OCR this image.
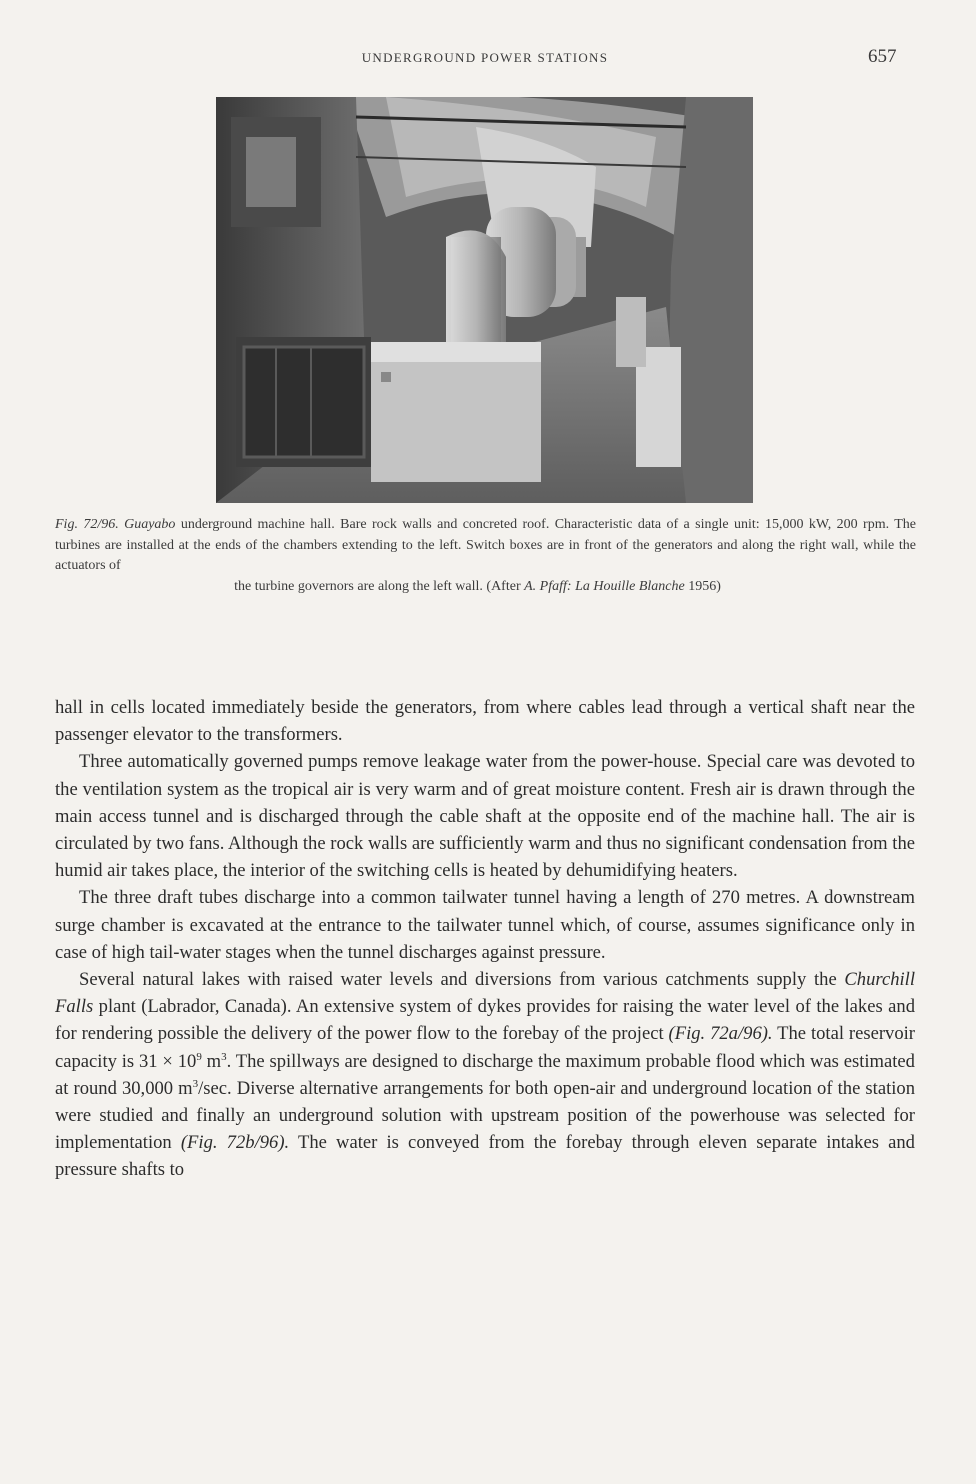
UNDERGROUND POWER STATIONS	657
Fig. 72/96. Guayabo underground machine hall. Bare rock walls and concreted roof. Characteristic data of a single unit: 15,000 kW, 200 rpm. The turbines are installed at the ends of the chambers extending to the left. Switch boxes are in front of the generators and along the right wall, while the actuators of
the turbine governors are along the left wall. (After A. Pfaff: La Houille Blanche 1956)

hall in cells located immediately beside the generators, from where cables lead through a vertical shaft near the passenger elevator to the transformers.

Three automatically governed pumps remove leakage water from the power-house. Special care was devoted to the ventilation system as the tropical air is very warm and of great moisture content. Fresh air is drawn through the main access tunnel and is discharged through the cable shaft at the opposite end of the machine hall. The air is circulated by two fans. Although the rock walls are sufficiently warm and thus no significant condensation from the humid air takes place, the interior of the switching cells is heated by dehumidifying heaters.

The three draft tubes discharge into a common tailwater tunnel having a length of 270 metres. A downstream surge chamber is excavated at the entrance to the tailwater tunnel which, of course, assumes significance only in case of high tail-water stages when the tunnel discharges against pressure.

Several natural lakes with raised water levels and diversions from various catchments supply the Churchill Falls plant (Labrador, Canada). An extensive system of dykes provides for raising the water level of the lakes and for rendering possible the delivery of the power flow to the forebay of the project (Fig. 72a/96). The total reservoir capacity is $31 \times 10^9$ $m^3$. The spillways are designed to discharge the maximum probable flood which was estimated at round 30,000 $m^3/\sec$. Diverse alternative arrangements for both open-air and underground location of the station were studied and finally an underground solution with upstream position of the powerhouse was selected for implementation (Fig. 72b/96). The water is conveyed from the forebay through eleven separate intakes and pressure shafts to
